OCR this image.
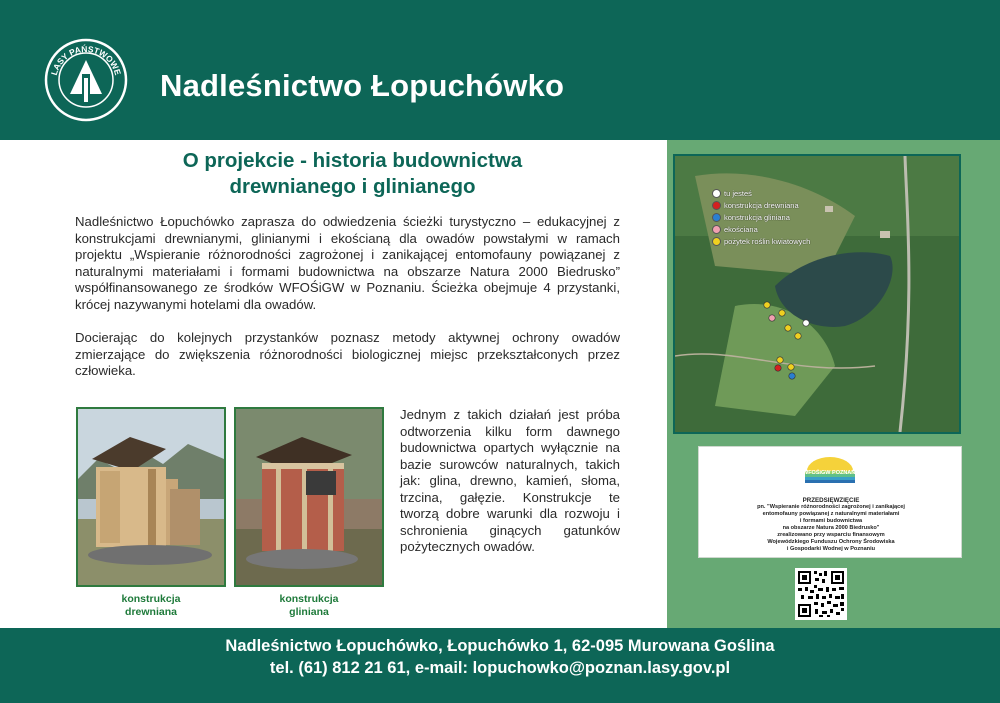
LASY PAŃSTWOWE Nadleśnictwo Łopuchówko
O projekcie - historia budownictwa
drewnianego i glinianego
Nadleśnictwo Łopuchówko zaprasza do odwiedzenia ścieżki turystyczno – edukacyjnej z konstrukcjami drewnianymi, glinianymi i ekościaną dla owadów powstałymi w ramach projektu „Wspieranie różnorodności zagrożonej i zanikającej entomofauny powiązanej z naturalnymi materiałami i formami budownictwa na obszarze Natura 2000 Biedrusko” współfinansowanego ze środków WFOŚiGW w Poznaniu. Ścieżka obejmuje 4 przystanki, krócej nazywanymi hotelami dla owadów.
Docierając do kolejnych przystanków poznasz metody aktywnej ochrony owadów zmierzające do zwiększenia różnorodności biologicznej miejsc przekształconych przez człowieka.
Jednym z takich działań jest próba odtworzenia kilku form dawnego budownictwa opartych wyłącznie na bazie surowców naturalnych, takich jak: glina, drewno, kamień, słoma, trzcina, gałęzie. Konstrukcje te tworzą dobre warunki dla rozwoju i schronienia ginących gatunków pożytecznych owadów.
konstrukcja
drewniana
konstrukcja
gliniana
tu jesteś
konstrukcja drewniana
konstrukcja gliniana
ekościana
pożytek roślin kwiatowych
WFOŚiGW POZNAŃ
PRZEDSIĘWZIĘCIE
pn. "Wspieranie różnorodności zagrożonej i zanikającej
entomofauny powiązanej z naturalnymi materiałami
i formami budownictwa
na obszarze Natura 2000 Biedrusko"
zrealizowano przy wsparciu finansowym
Wojewódzkiego Funduszu Ochrony Środowiska
i Gospodarki Wodnej w Poznaniu
Nadleśnictwo Łopuchówko, Łopuchówko 1, 62-095 Murowana Goślina
tel. (61) 812 21 61, e-mail: lopuchowko@poznan.lasy.gov.pl
